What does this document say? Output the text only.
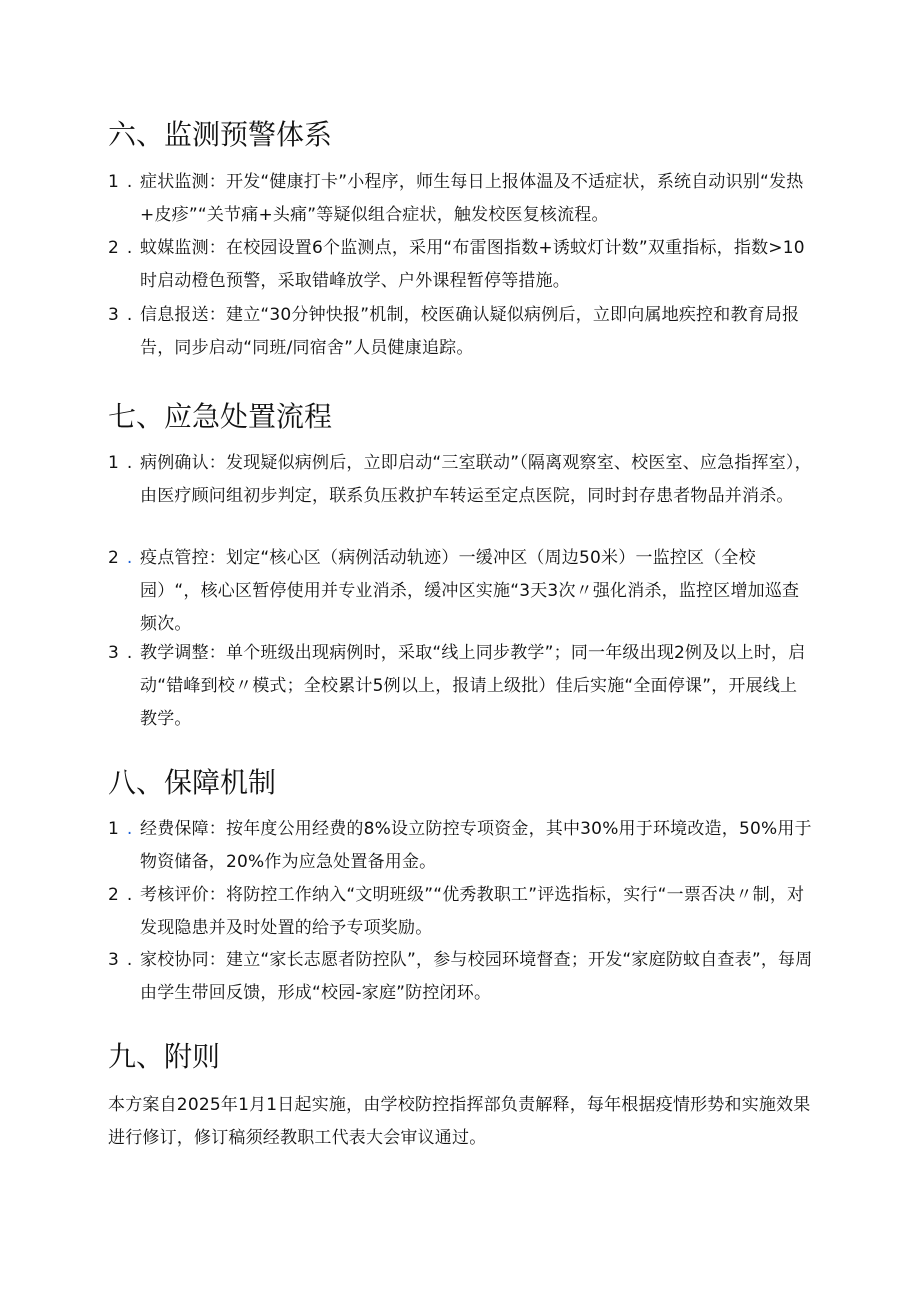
六、监测预警体系
1 . 症状监测：开发“健康打卡”小程序，师生每日上报体温及不适症状，系统自动识别“发热+皮疹”“关节痛+头痛”等疑似组合症状，触发校医复核流程。
2 . 蚊媒监测：在校园设置6个监测点，采用“布雷图指数+诱蚊灯计数”双重指标，指数>10时启动橙色预警，采取错峰放学、户外课程暂停等措施。
3 . 信息报送：建立“30分钟快报”机制，校医确认疑似病例后，立即向属地疾控和教育局报告，同步启动“同班/同宿舍”人员健康追踪。
七、应急处置流程
1 . 病例确认：发现疑似病例后，立即启动“三室联动”（隔离观察室、校医室、应急指挥室），由医疗顾问组初步判定，联系负压救护车转运至定点医院，同时封存患者物品并消杀。
2 . 疫点管控：划定“核心区（病例活动轨迹）一缓冲区（周边50米）一监控区（全校园）“，核心区暂停使用并专业消杀，缓冲区实施“3天3次〃强化消杀，监控区增加巡查频次。
3 . 教学调整：单个班级出现病例时，采取“线上同步教学”；同一年级出现2例及以上时，启动“错峰到校〃模式；全校累计5例以上，报请上级批）佳后实施“全面停课”，开展线上教学。
八、保障机制
1 . 经费保障：按年度公用经费的8%设立防控专项资金，其中30%用于环境改造，50%用于物资储备，20%作为应急处置备用金。
2 . 考核评价：将防控工作纳入“文明班级”“优秀教职工”评选指标，实行“一票否决〃制，对发现隐患并及时处置的给予专项奖励。
3 . 家校协同：建立“家长志愿者防控队”，参与校园环境督查；开发“家庭防蚊自查表”，每周由学生带回反馈，形成“校园-家庭”防控闭环。
九、附则
本方案自2025年1月1日起实施，由学校防控指挥部负责解释，每年根据疫情形势和实施效果进行修订，修订稿须经教职工代表大会审议通过。
